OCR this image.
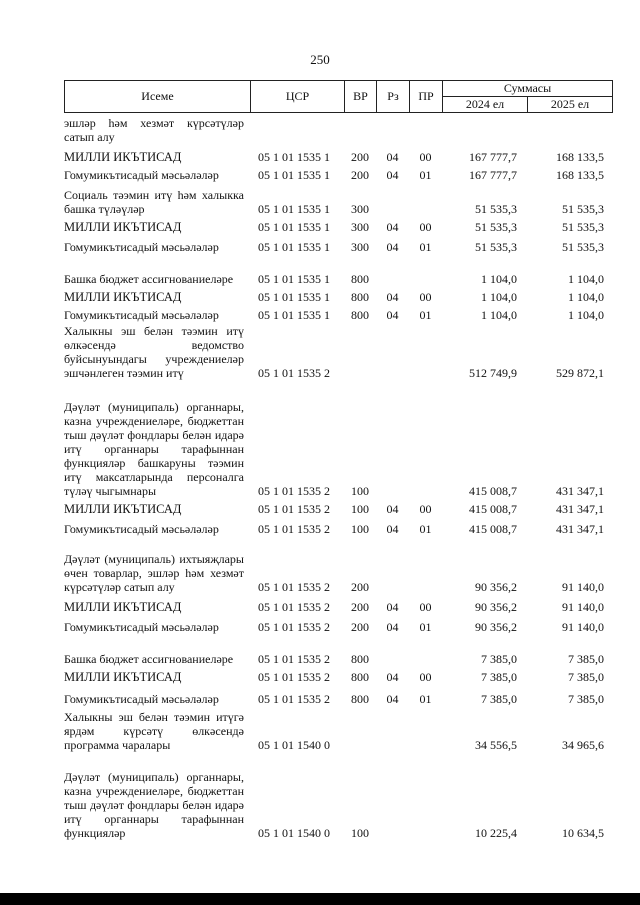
250
Исеме	ЦСР	ВР	Рз	ПР	Суммасы	
					2024 ел	2025 ел
эшләр һәм хезмәт күрсәтүләр сатып алу						
МИЛЛИ ИКЪТИСАД	05 1 01 1535 1	200	04	00	167 777,7	168 133,5
Гомумикътисадый мәсьәләләр	05 1 01 1535 1	200	04	01	167 777,7	168 133,5
Социаль тәэмин итү һәм халыкка башка түләүләр	05 1 01 1535 1	300			51 535,3	51 535,3
МИЛЛИ ИКЪТИСАД	05 1 01 1535 1	300	04	00	51 535,3	51 535,3
Гомумикътисадый мәсьәләләр	05 1 01 1535 1	300	04	01	51 535,3	51 535,3
Башка бюджет ассигнованиеләре	05 1 01 1535 1	800			1 104,0	1 104,0
МИЛЛИ ИКЪТИСАД	05 1 01 1535 1	800	04	00	1 104,0	1 104,0
Гомумикътисадый мәсьәләләр	05 1 01 1535 1	800	04	01	1 104,0	1 104,0
Халыкны эш белән тәэмин итү өлкәсендә ведомство буйсынуындагы учреждениеләр эшчәнлеген тәэмин итү	05 1 01 1535 2				512 749,9	529 872,1
Дәүләт (муниципаль) органнары, казна учреждениеләре, бюджеттан тыш дәүләт фондлары белән идарә итү органнары тарафыннан функцияләр башкаруны тәэмин итү максатларында персоналга түләү чыгымнары	05 1 01 1535 2	100			415 008,7	431 347,1
МИЛЛИ ИКЪТИСАД	05 1 01 1535 2	100	04	00	415 008,7	431 347,1
Гомумикътисадый мәсьәләләр	05 1 01 1535 2	100	04	01	415 008,7	431 347,1
Дәүләт (муниципаль) ихтыяҗлары өчен товарлар, эшләр һәм хезмәт күрсәтүләр сатып алу	05 1 01 1535 2	200			90 356,2	91 140,0
МИЛЛИ ИКЪТИСАД	05 1 01 1535 2	200	04	00	90 356,2	91 140,0
Гомумикътисадый мәсьәләләр	05 1 01 1535 2	200	04	01	90 356,2	91 140,0
Башка бюджет ассигнованиеләре	05 1 01 1535 2	800			7 385,0	7 385,0
МИЛЛИ ИКЪТИСАД	05 1 01 1535 2	800	04	00	7 385,0	7 385,0
Гомумикътисадый мәсьәләләр	05 1 01 1535 2	800	04	01	7 385,0	7 385,0
Халыкны эш белән тәэмин итүгә ярдәм күрсәтү өлкәсендә программа чаралары	05 1 01 1540 0				34 556,5	34 965,6
Дәүләт (муниципаль) органнары, казна учреждениеләре, бюджеттан тыш дәүләт фондлары белән идарә итү органнары тарафыннан функцияләр	05 1 01 1540 0	100			10 225,4	10 634,5
